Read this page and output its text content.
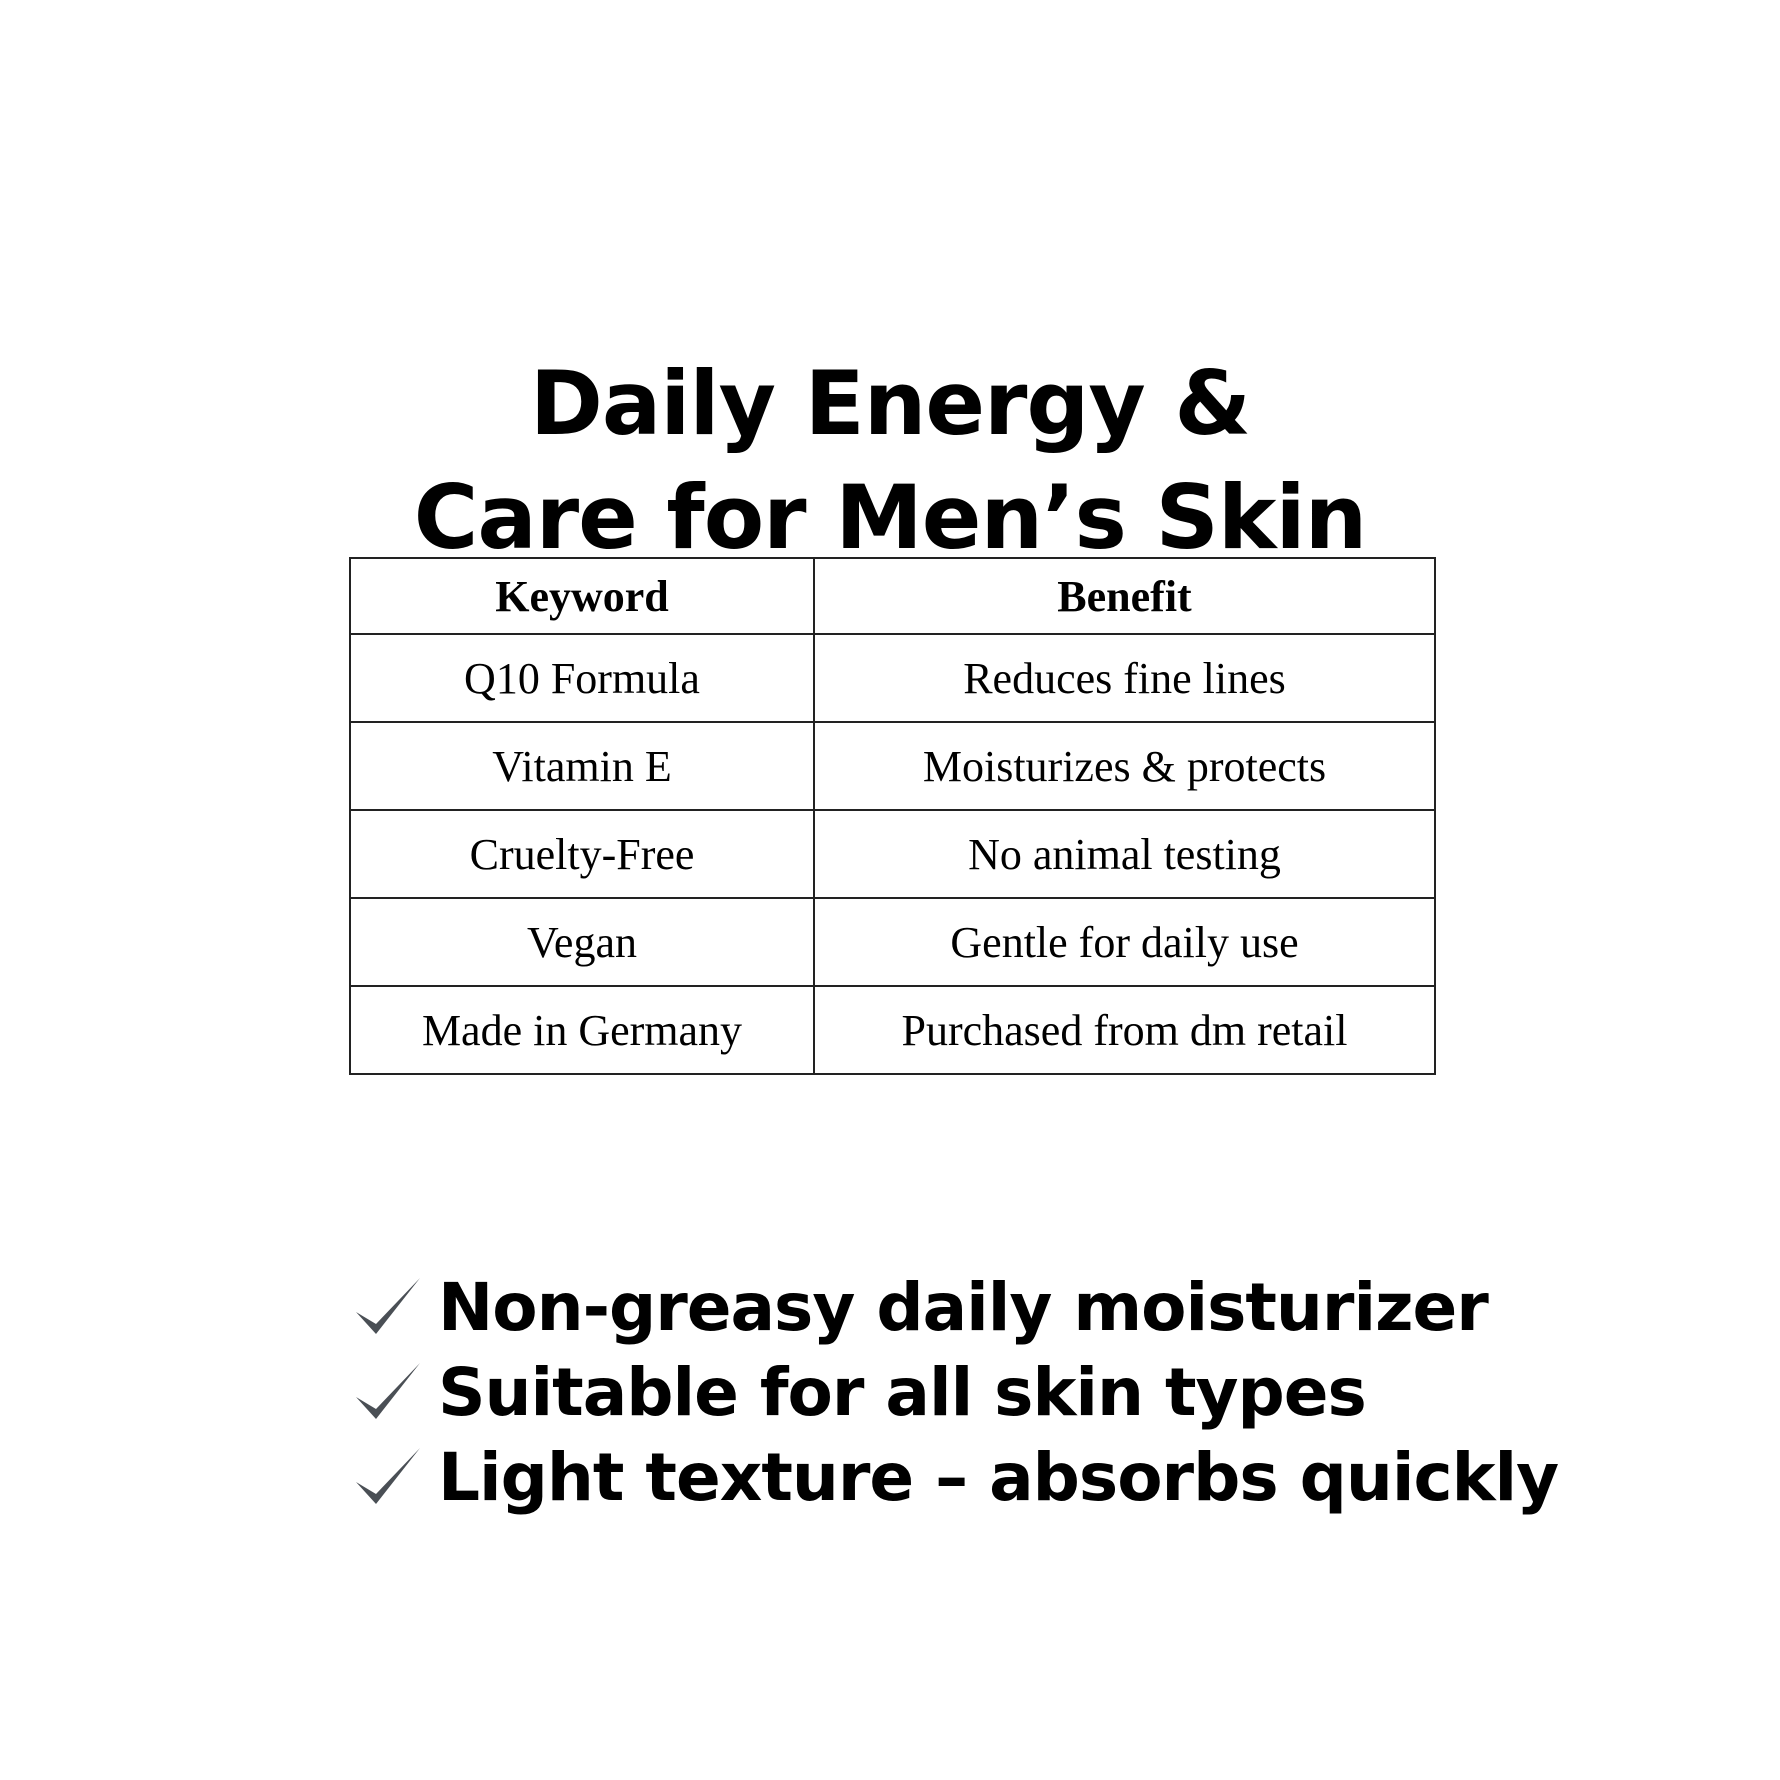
Daily Energy &
Care for Men’s Skin
Keyword	Benefit
Q10 Formula	Reduces fine lines
Vitamin E	Moisturizes & protects
Cruelty-Free	No animal testing
Vegan	Gentle for daily use
Made in Germany	Purchased from dm retail
Non-greasy daily moisturizer
Suitable for all skin types
Light texture – absorbs quickly
